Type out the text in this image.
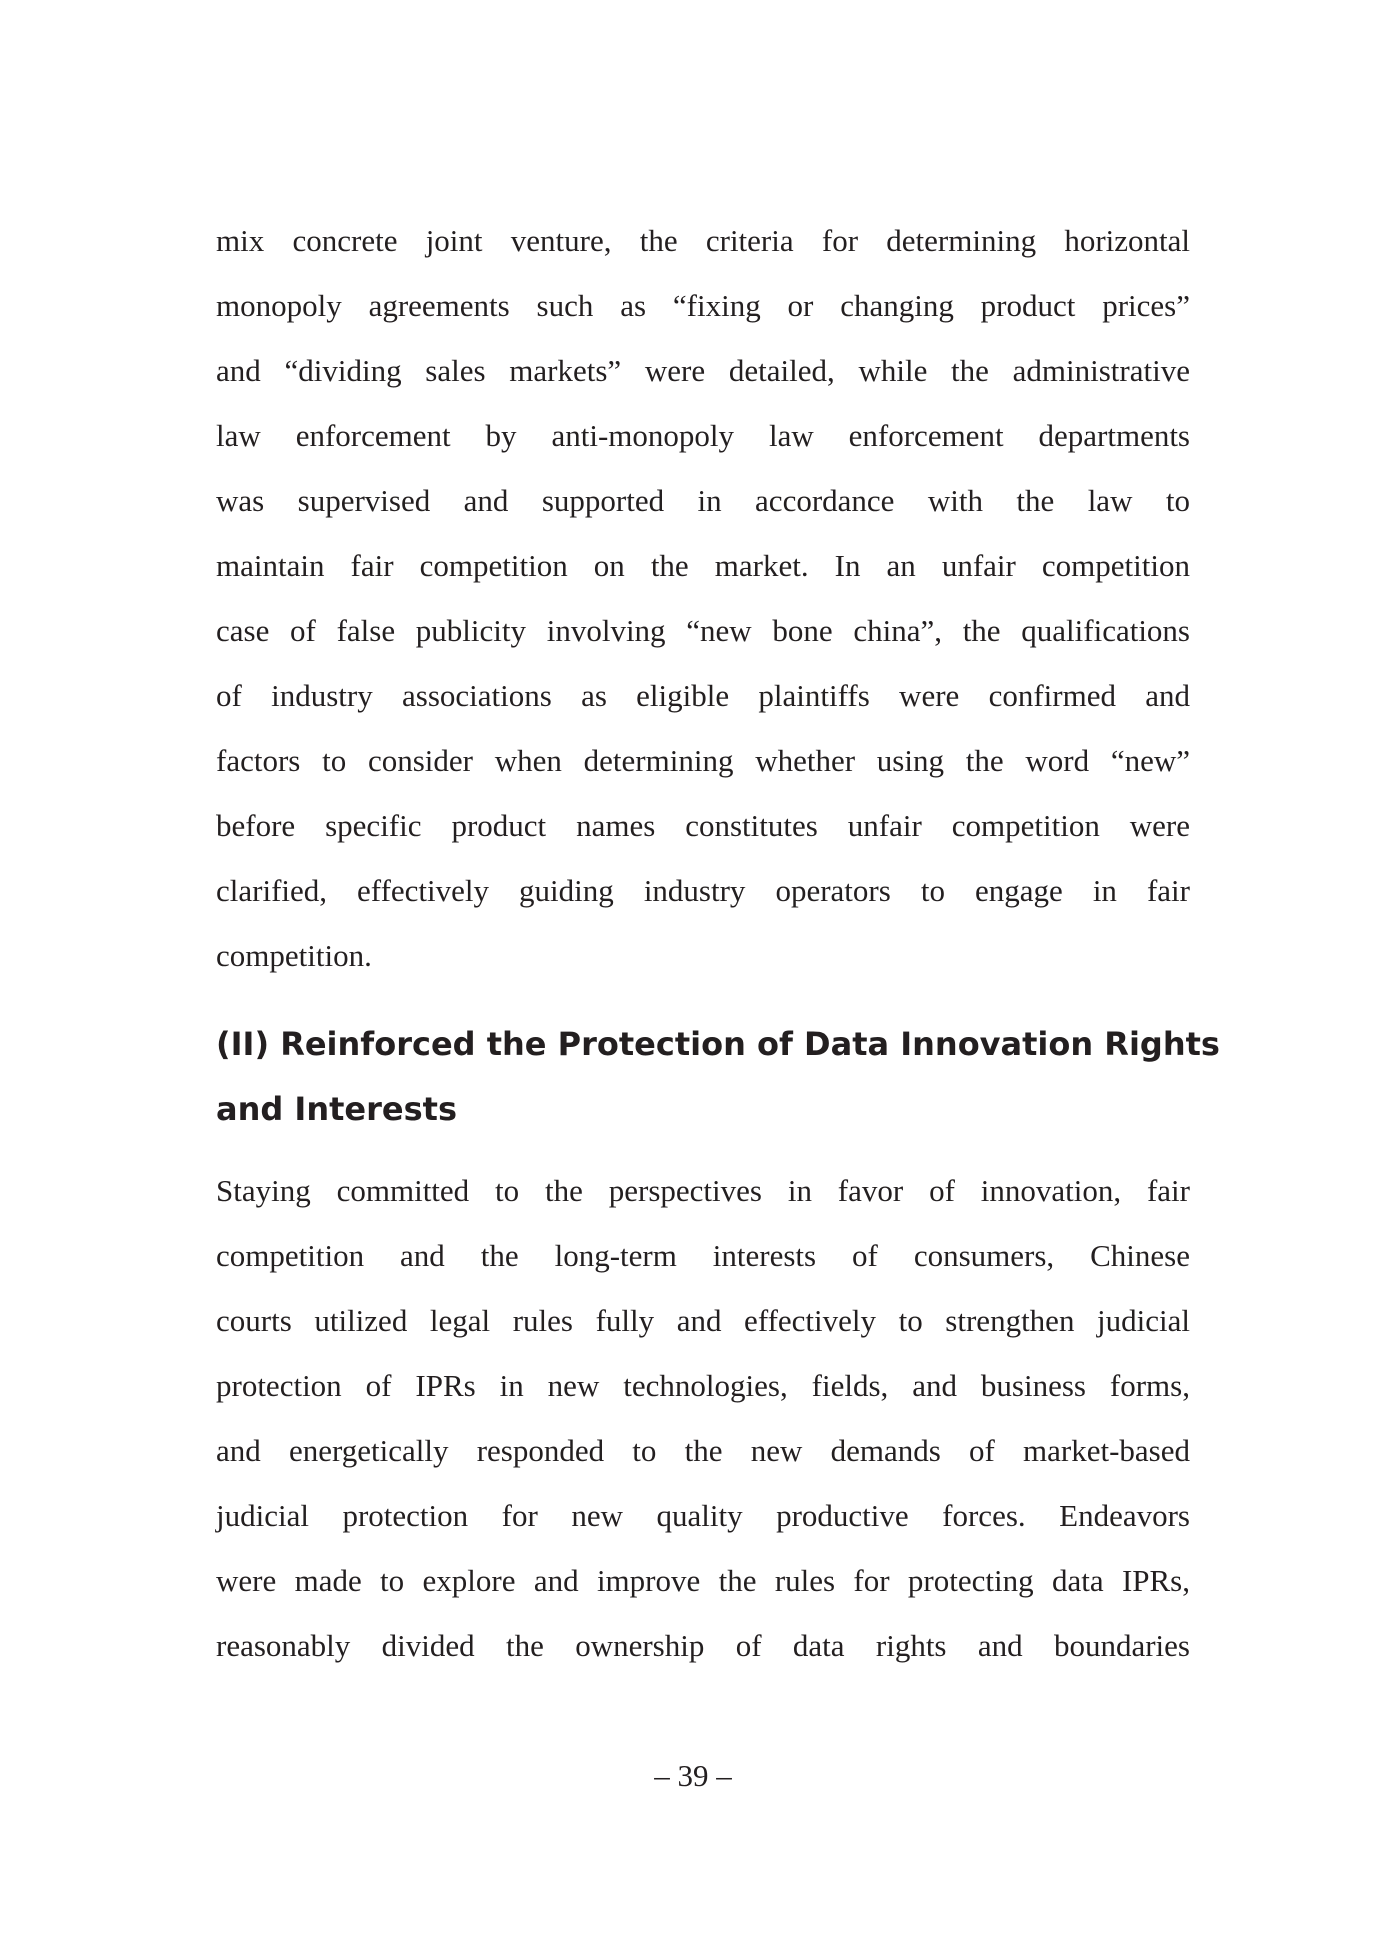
mix concrete joint venture, the criteria for determining horizontal
monopoly agreements such as “fixing or changing product prices”
and “dividing sales markets” were detailed, while the administrative
law enforcement by anti-monopoly law enforcement departments
was supervised and supported in accordance with the law to
maintain fair competition on the market. In an unfair competition
case of false publicity involving “new bone china”, the qualifications
of industry associations as eligible plaintiffs were confirmed and
factors to consider when determining whether using the word “new”
before specific product names constitutes unfair competition were
clarified, effectively guiding industry operators to engage in fair
competition.

(II) Reinforced the Protection of Data Innovation Rights
and Interests

Staying committed to the perspectives in favor of innovation, fair
competition and the long-term interests of consumers, Chinese
courts utilized legal rules fully and effectively to strengthen judicial
protection of IPRs in new technologies, fields, and business forms,
and energetically responded to the new demands of market-based
judicial protection for new quality productive forces. Endeavors
were made to explore and improve the rules for protecting data IPRs,
reasonably divided the ownership of data rights and boundaries

– 39 –
